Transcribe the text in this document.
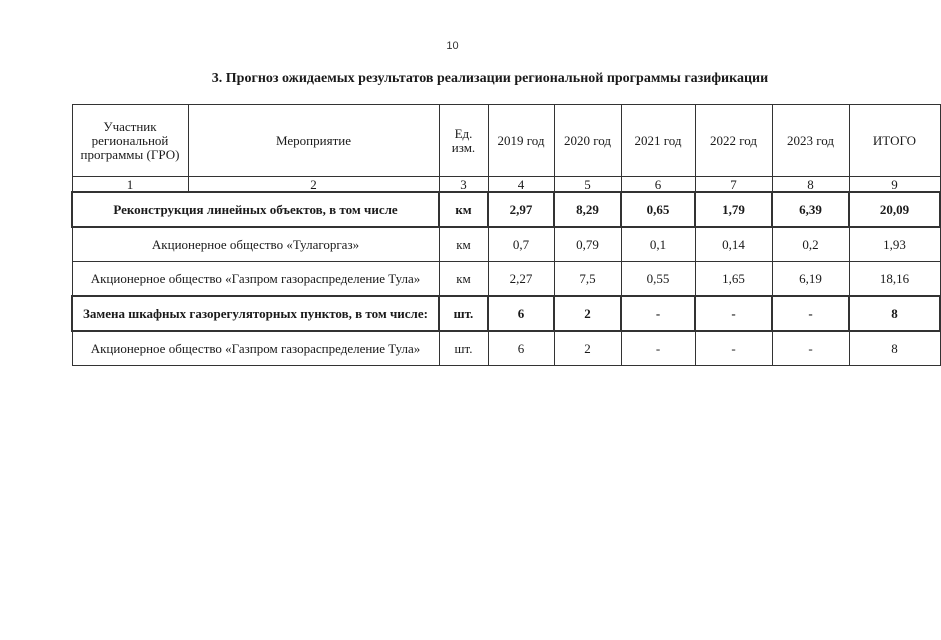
10
3. Прогноз ожидаемых результатов реализации региональной программы газификации
Участник региональной программы (ГРО)	Мероприятие	Ед. изм.	2019 год	2020 год	2021 год	2022 год	2023 год	ИТОГО
1	2	3	4	5	6	7	8	9
Реконструкция линейных объектов, в том числе		км	2,97	8,29	0,65	1,79	6,39	20,09
Акционерное общество «Тулагоргаз»		км	0,7	0,79	0,1	0,14	0,2	1,93
Акционерное общество «Газпром газораспределение Тула»		км	2,27	7,5	0,55	1,65	6,19	18,16
Замена шкафных газорегуляторных пунктов, в том числе:		шт.	6	2	-	-	-	8
Акционерное общество «Газпром газораспределение Тула»		шт.	6	2	-	-	-	8
